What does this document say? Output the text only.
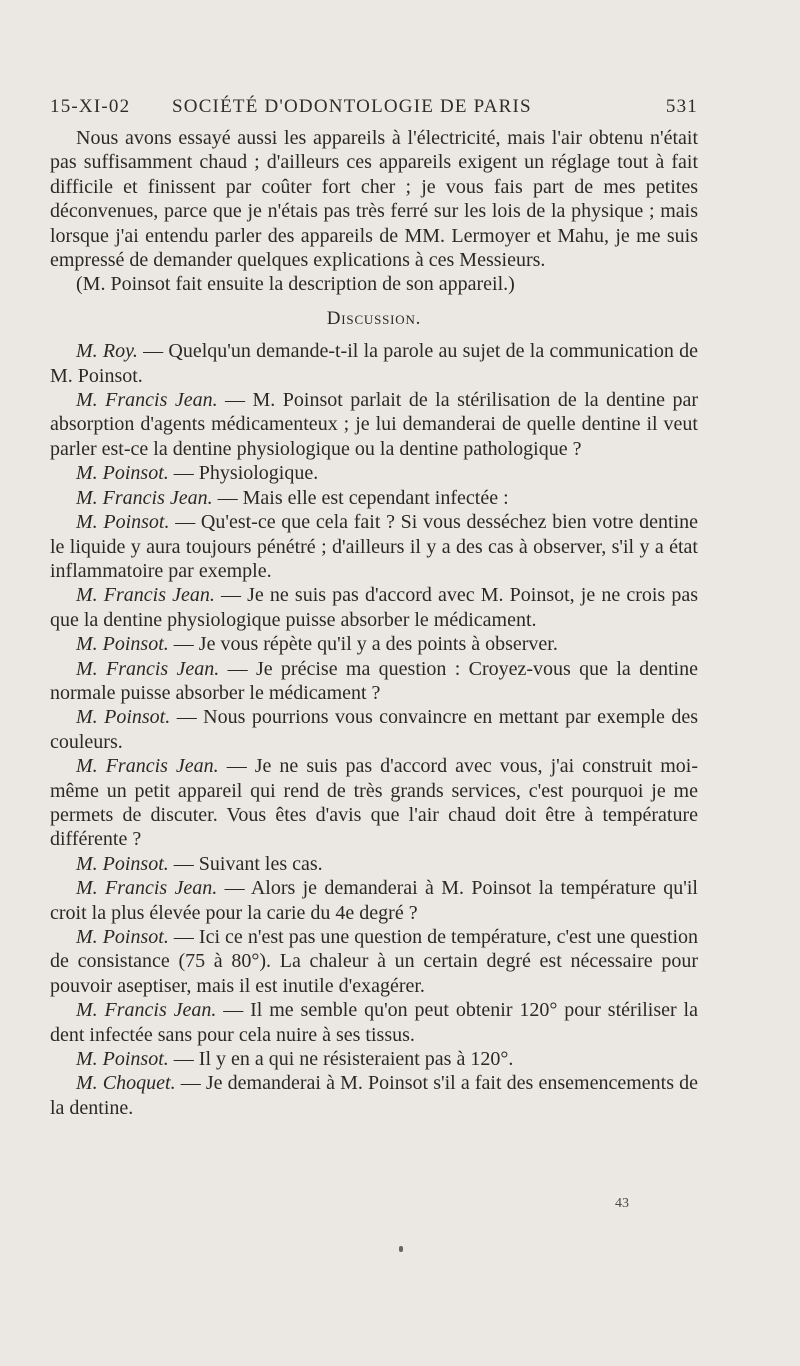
15-XI-02 SOCIÉTÉ D'ODONTOLOGIE DE PARIS	531

Nous avons essayé aussi les appareils à l'électricité, mais l'air obtenu n'était pas suffisamment chaud ; d'ailleurs ces appareils exigent un réglage tout à fait difficile et finissent par coûter fort cher ; je vous fais part de mes petites déconvenues, parce que je n'étais pas très ferré sur les lois de la physique ; mais lorsque j'ai entendu parler des appareils de MM. Lermoyer et Mahu, je me suis empressé de demander quelques explications à ces Messieurs.

(M. Poinsot fait ensuite la description de son appareil.)

Discussion.

M. Roy. — Quelqu'un demande-t-il la parole au sujet de la communication de M. Poinsot.

M. Francis Jean. — M. Poinsot parlait de la stérilisation de la dentine par absorption d'agents médicamenteux ; je lui demanderai de quelle dentine il veut parler est-ce la dentine physiologique ou la dentine pathologique ?

M. Poinsot. — Physiologique.

M. Francis Jean. — Mais elle est cependant infectée :

M. Poinsot. — Qu'est-ce que cela fait ? Si vous desséchez bien votre dentine le liquide y aura toujours pénétré ; d'ailleurs il y a des cas à observer, s'il y a état inflammatoire par exemple.

M. Francis Jean. — Je ne suis pas d'accord avec M. Poinsot, je ne crois pas que la dentine physiologique puisse absorber le médicament.

M. Poinsot. — Je vous répète qu'il y a des points à observer.

M. Francis Jean. — Je précise ma question : Croyez-vous que la dentine normale puisse absorber le médicament ?

M. Poinsot. — Nous pourrions vous convaincre en mettant par exemple des couleurs.

M. Francis Jean. — Je ne suis pas d'accord avec vous, j'ai construit moi-même un petit appareil qui rend de très grands services, c'est pourquoi je me permets de discuter. Vous êtes d'avis que l'air chaud doit être à température différente ?

M. Poinsot. — Suivant les cas.

M. Francis Jean. — Alors je demanderai à M. Poinsot la température qu'il croit la plus élevée pour la carie du 4e degré ?

M. Poinsot. — Ici ce n'est pas une question de température, c'est une question de consistance (75 à 80°). La chaleur à un certain degré est nécessaire pour pouvoir aseptiser, mais il est inutile d'exagérer.

M. Francis Jean. — Il me semble qu'on peut obtenir 120° pour stériliser la dent infectée sans pour cela nuire à ses tissus.

M. Poinsot. — Il y en a qui ne résisteraient pas à 120°.

M. Choquet. — Je demanderai à M. Poinsot s'il a fait des ensemencements de la dentine.

43
